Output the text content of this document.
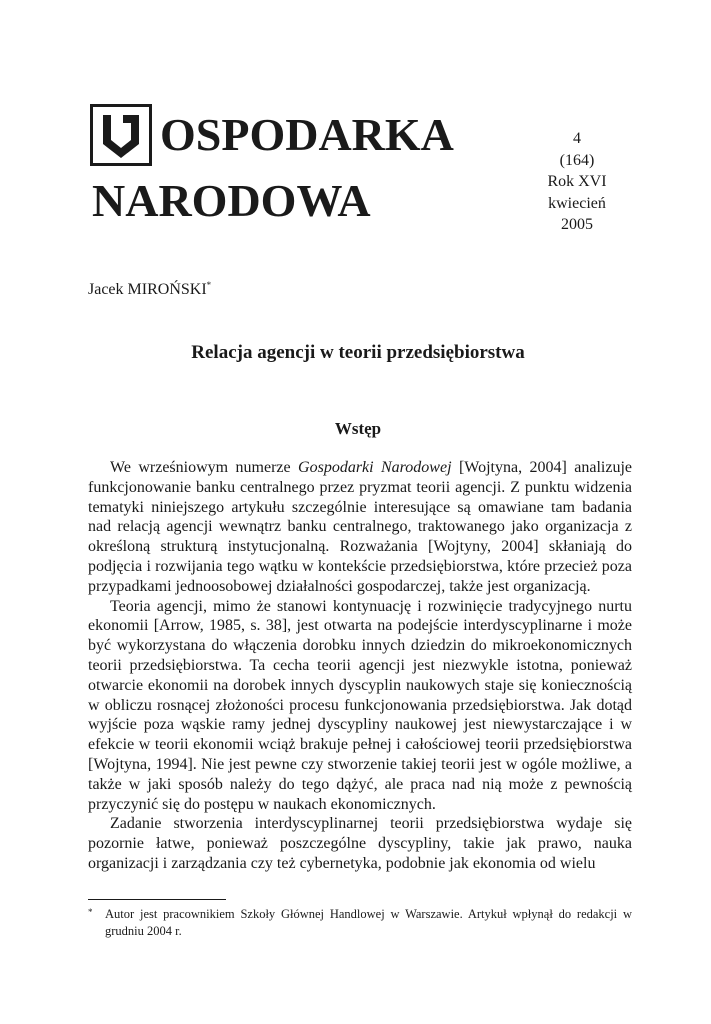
OSPODARKA
NARODOWA
4
(164)
Rok XVI
kwiecień
2005
Jacek MIROŃSKI*
Relacja agencji w teorii przedsiębiorstwa
Wstęp

We wrześniowym numerze Gospodarki Narodowej [Wojtyna, 2004] analizuje funkcjonowanie banku centralnego przez pryzmat teorii agencji. Z punktu widzenia tematyki niniejszego artykułu szczególnie interesujące są omawiane tam badania nad relacją agencji wewnątrz banku centralnego, traktowanego jako organizacja z określoną strukturą instytucjonalną. Rozważania [Wojtyny, 2004] skłaniają do podjęcia i rozwijania tego wątku w kontekście przedsiębiorstwa, które przecież poza przypadkami jednoosobowej działalności gospodarczej, także jest organizacją.

Teoria agencji, mimo że stanowi kontynuację i rozwinięcie tradycyjnego nurtu ekonomii [Arrow, 1985, s. 38], jest otwarta na podejście interdyscyplinarne i może być wykorzystana do włączenia dorobku innych dziedzin do mikroekonomicznych teorii przedsiębiorstwa. Ta cecha teorii agencji jest niezwykle istotna, ponieważ otwarcie ekonomii na dorobek innych dyscyplin naukowych staje się koniecznością w obliczu rosnącej złożoności procesu funkcjonowania przedsiębiorstwa. Jak dotąd wyjście poza wąskie ramy jednej dyscypliny naukowej jest niewystarczające i w efekcie w teorii ekonomii wciąż brakuje pełnej i całościowej teorii przedsiębiorstwa [Wojtyna, 1994]. Nie jest pewne czy stworzenie takiej teorii jest w ogóle możliwe, a także w jaki sposób należy do tego dążyć, ale praca nad nią może z pewnością przyczynić się do postępu w naukach ekonomicznych.

Zadanie stworzenia interdyscyplinarnej teorii przedsiębiorstwa wydaje się pozornie łatwe, ponieważ poszczególne dyscypliny, takie jak prawo, nauka organizacji i zarządzania czy też cybernetyka, podobnie jak ekonomia od wielu

* Autor jest pracownikiem Szkoły Głównej Handlowej w Warszawie. Artykuł wpłynął do redakcji w grudniu 2004 r.
